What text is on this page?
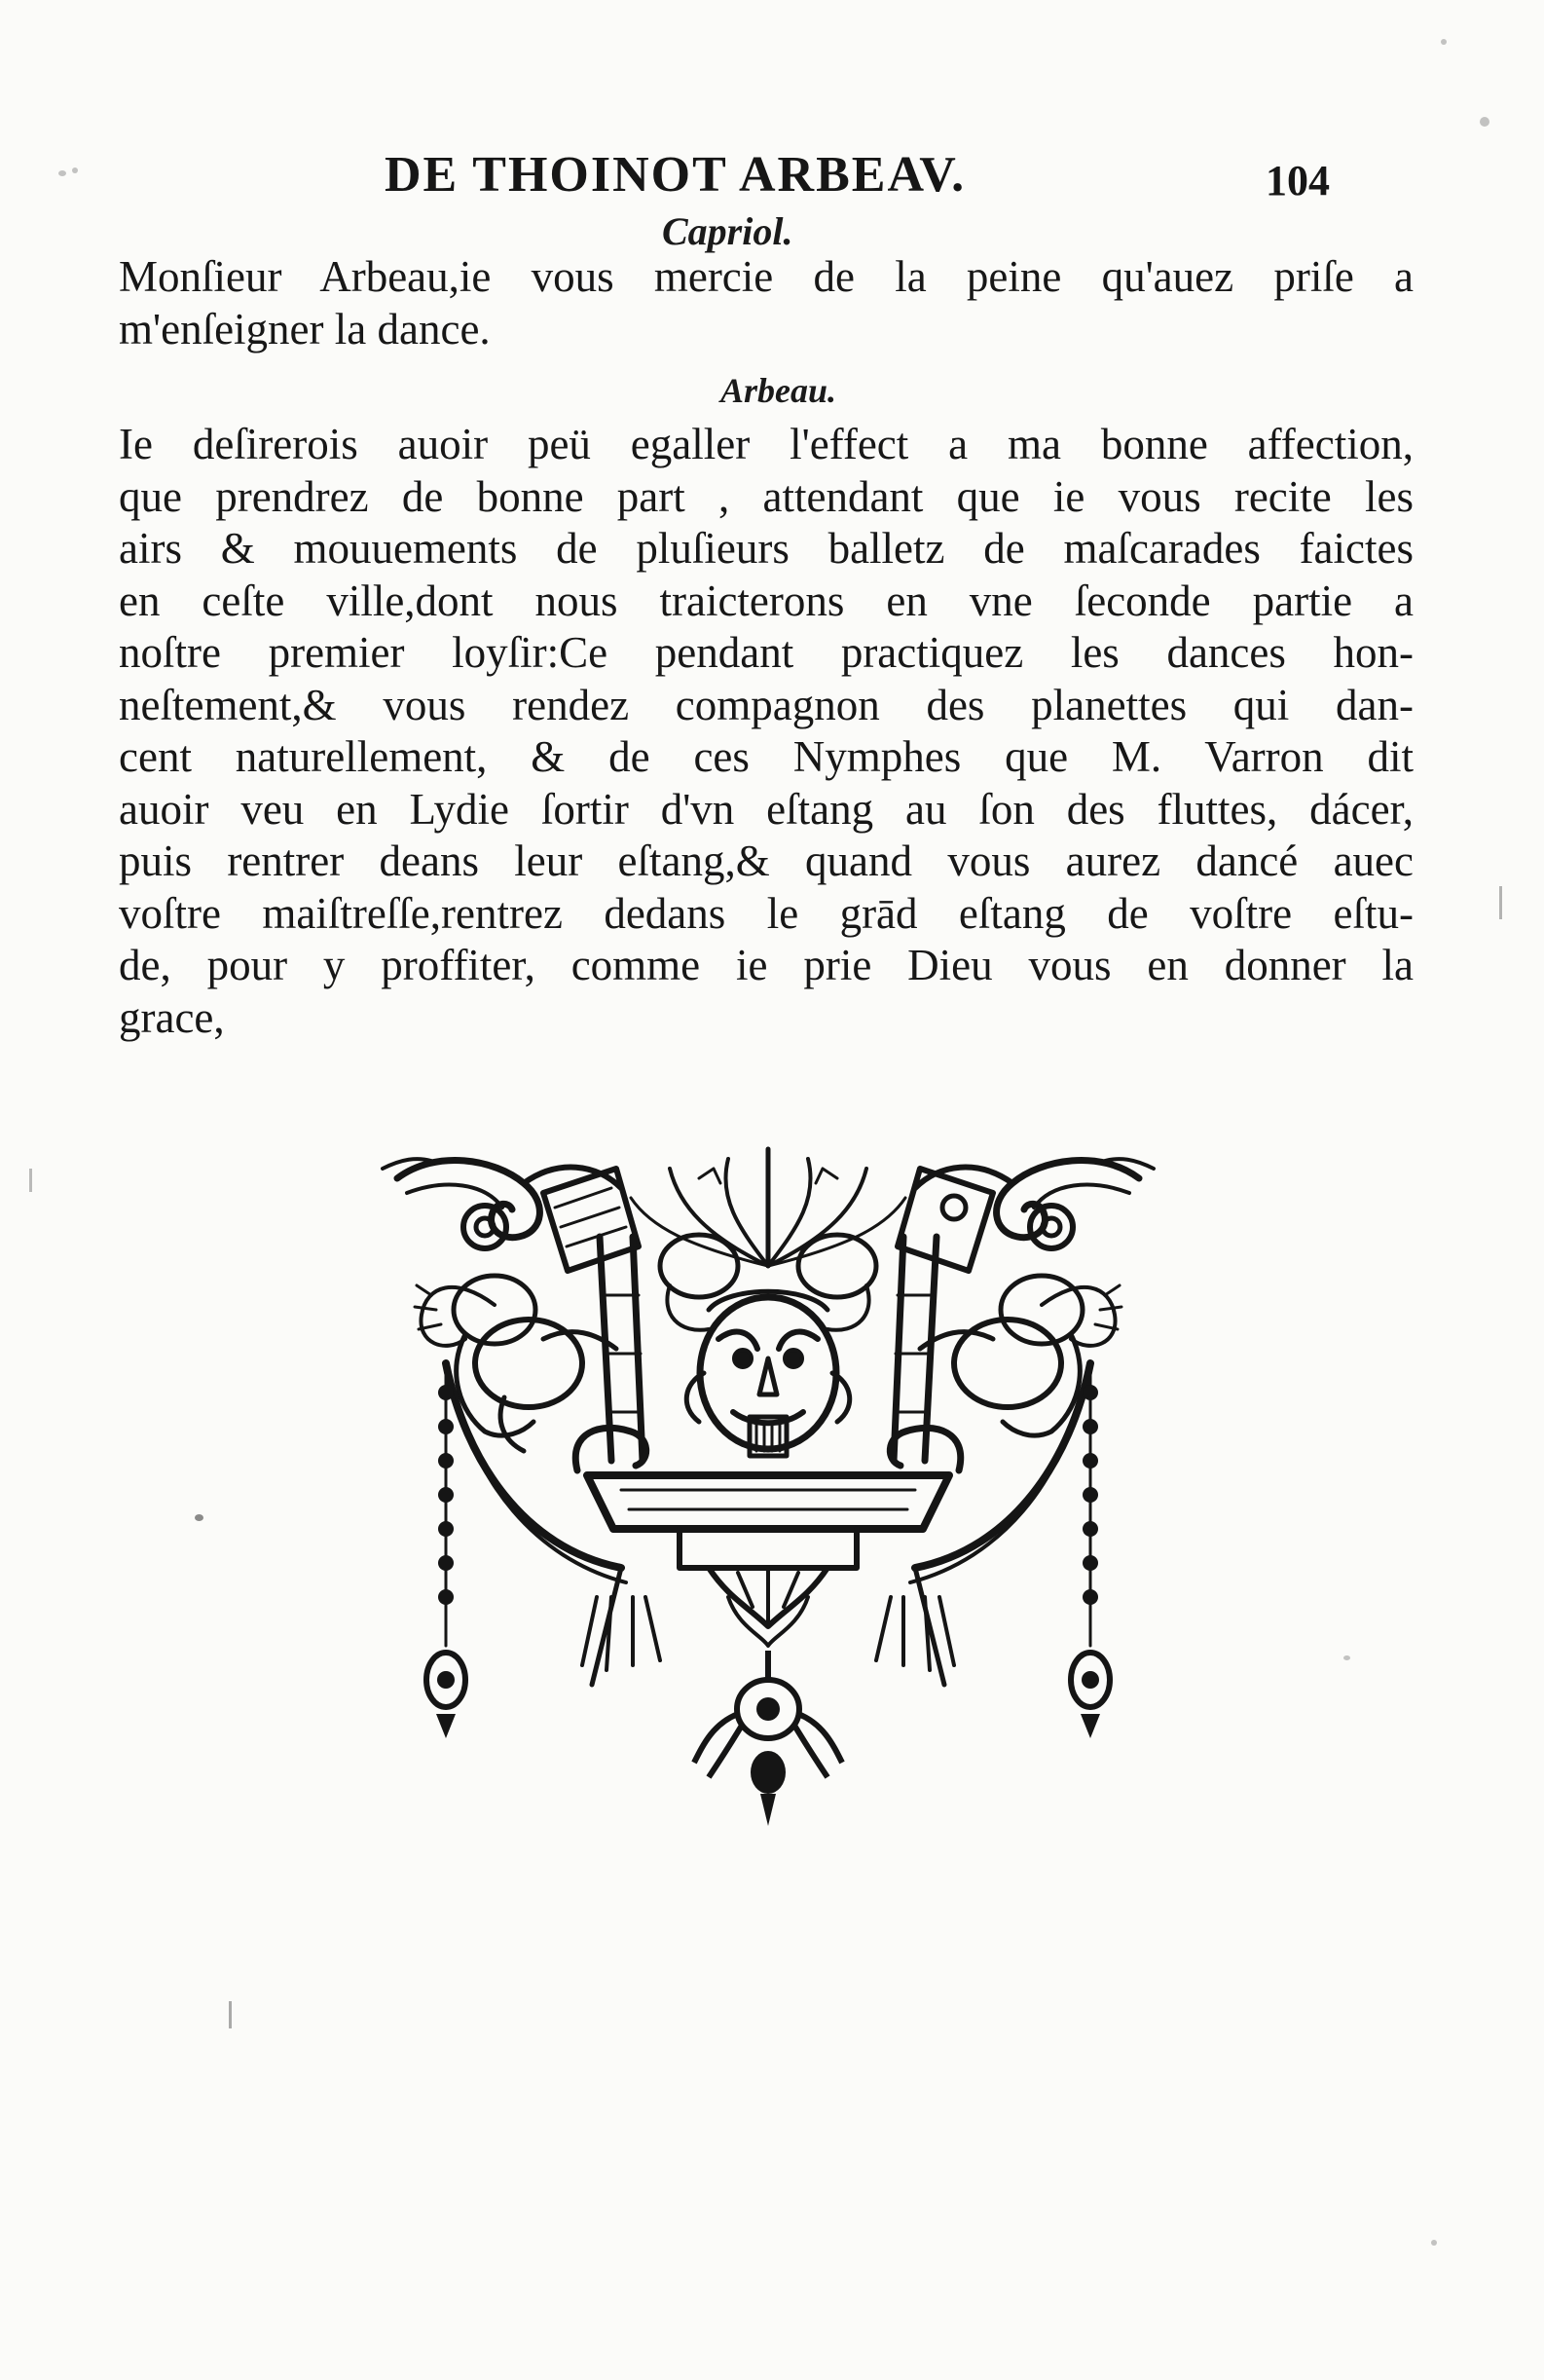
DE THOINOT ARBEAV.	104
Capriol.
Monſieur Arbeau,ie vous mercie de la peine qu'auez priſe a
m'enſeigner la dance.
Arbeau.
Ie deſirerois auoir peü egaller l'effect a ma bonne affection,
que prendrez de bonne part , attendant que ie vous recite les
airs & mouuements de pluſieurs balletz de maſcarades faictes
en ceſte ville,dont nous traicterons en vne ſeconde partie a
noſtre premier loyſir:Ce pendant practiquez les dances hon-
neſtement,& vous rendez compagnon des planettes qui dan-
cent naturellement, & de ces Nymphes que M. Varron dit
auoir veu en Lydie ſortir d'vn eſtang au ſon des fluttes, dácer,
puis rentrer deans leur eſtang,& quand vous aurez dancé auec
voſtre maiſtreſſe,rentrez dedans le grād eſtang de voſtre eſtu-
de, pour y proffiter, comme ie prie Dieu vous en donner la
grace,
